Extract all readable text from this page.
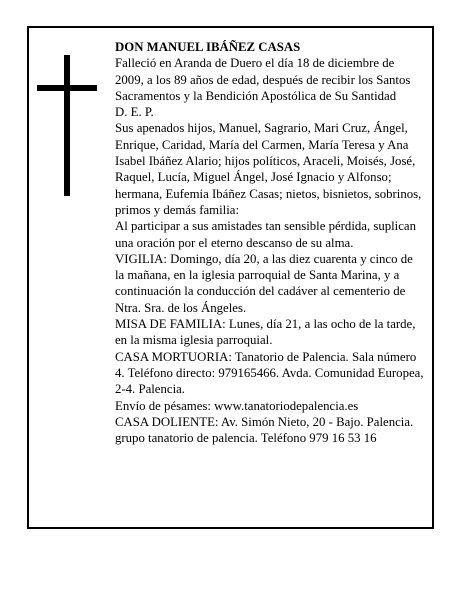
DON MANUEL IBÁÑEZ CASAS

Falleció en Aranda de Duero el día 18 de diciembre de 2009, a los 89 años de edad, después de recibir los Santos Sacramentos y la Bendición Apostólica de Su Santidad

D. E. P.

Sus apenados hijos, Manuel, Sagrario, Mari Cruz, Ángel, Enrique, Caridad, María del Carmen, María Teresa y Ana Isabel Ibáñez Alario; hijos políticos, Araceli, Moisés, José, Raquel, Lucía, Miguel Ángel, José Ignacio y Alfonso; hermana, Eufemia Ibáñez Casas; nietos, bisnietos, sobrinos, primos y demás familia:

Al participar a sus amistades tan sensible pérdida, suplican una oración por el eterno descanso de su alma.

VIGILIA: Domingo, día 20, a las diez cuarenta y cinco de la mañana, en la iglesia parroquial de Santa Marina, y a continuación la conducción del cadáver al cementerio de Ntra. Sra. de los Ángeles.

MISA DE FAMILIA: Lunes, día 21, a las ocho de la tarde, en la misma iglesia parroquial.

CASA MORTUORIA: Tanatorio de Palencia. Sala número 4. Teléfono directo: 979165466. Avda. Comunidad Europea, 2-4. Palencia.

Envío de pésames: www.tanatoriodepalencia.es

CASA DOLIENTE: Av. Simón Nieto, 20 - Bajo. Palencia.

grupo tanatorio de palencia. Teléfono 979 16 53 16
